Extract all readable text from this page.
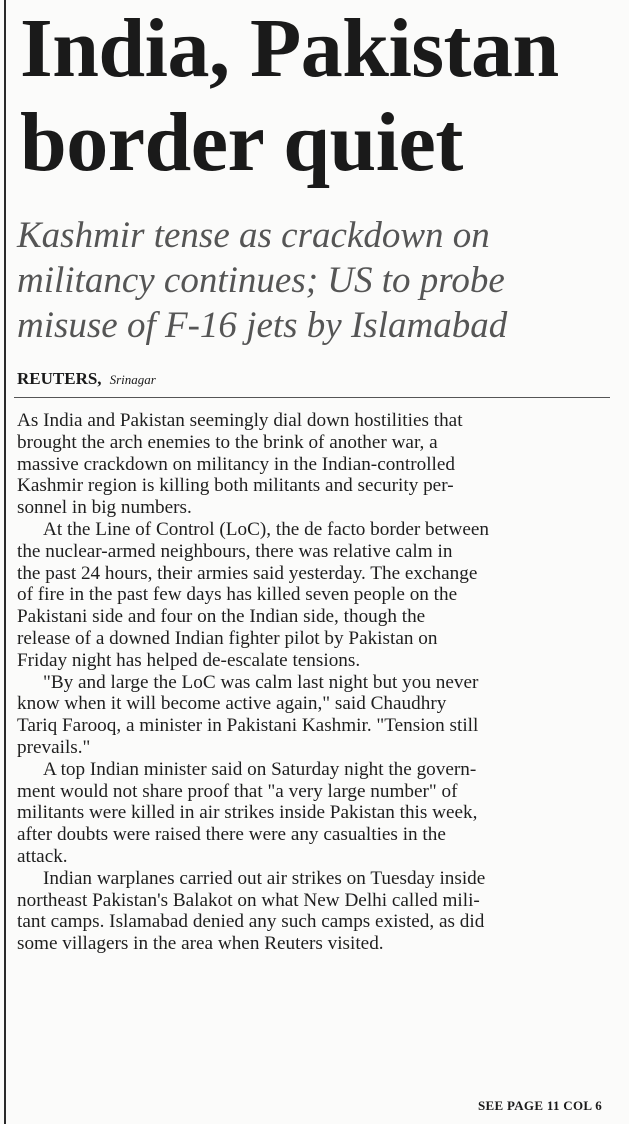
India, Pakistan
border quiet
Kashmir tense as crackdown on
militancy continues; US to probe
misuse of F-16 jets by Islamabad
REUTERS, Srinagar
As India and Pakistan seemingly dial down hostilities that
brought the arch enemies to the brink of another war, a
massive crackdown on militancy in the Indian-controlled
Kashmir region is killing both militants and security per-
sonnel in big numbers.
At the Line of Control (LoC), the de facto border between
the nuclear-armed neighbours, there was relative calm in
the past 24 hours, their armies said yesterday. The exchange
of fire in the past few days has killed seven people on the
Pakistani side and four on the Indian side, though the
release of a downed Indian fighter pilot by Pakistan on
Friday night has helped de-escalate tensions.
"By and large the LoC was calm last night but you never
know when it will become active again," said Chaudhry
Tariq Farooq, a minister in Pakistani Kashmir. "Tension still
prevails."
A top Indian minister said on Saturday night the govern-
ment would not share proof that "a very large number" of
militants were killed in air strikes inside Pakistan this week,
after doubts were raised there were any casualties in the
attack.
Indian warplanes carried out air strikes on Tuesday inside
northeast Pakistan's Balakot on what New Delhi called mili-
tant camps. Islamabad denied any such camps existed, as did
some villagers in the area when Reuters visited.
SEE PAGE 11 COL 6
